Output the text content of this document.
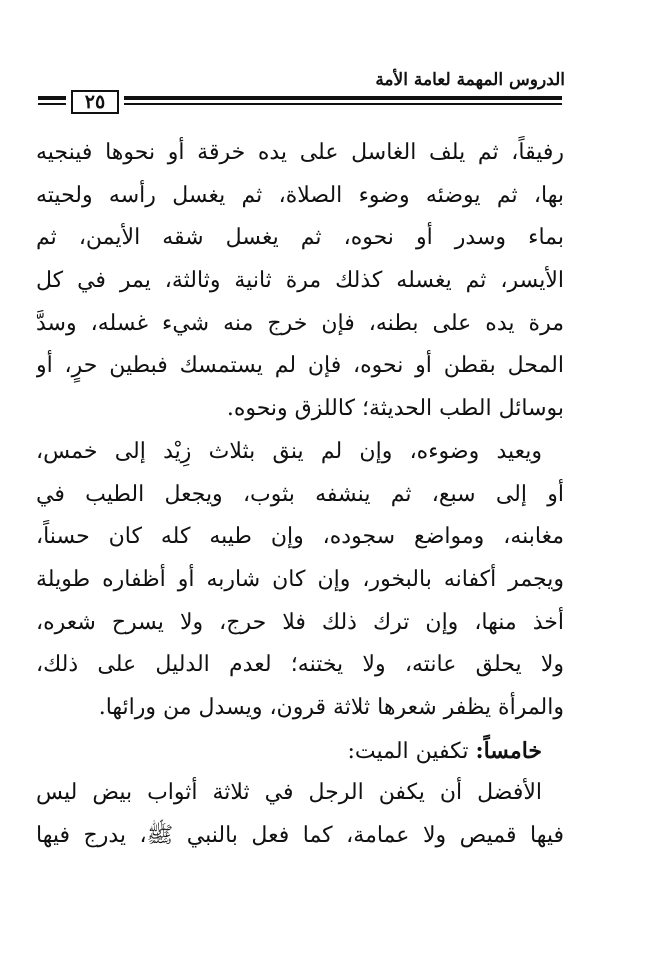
الدروس المهمة لعامة الأمة
٢٥
رفيقاً، ثم يلف الغاسل على يده خرقة أو نحوها فينجيه
بها، ثم يوضئه وضوء الصلاة، ثم يغسل رأسه ولحيته
بماء وسدر أو نحوه، ثم يغسل شقه الأيمن، ثم
الأيسر، ثم يغسله كذلك مرة ثانية وثالثة، يمر في كل
مرة يده على بطنه، فإن خرج منه شيء غسله، وسدَّ
المحل بقطن أو نحوه، فإن لم يستمسك فبطين حرٍ، أو
بوسائل الطب الحديثة؛ كاللزق ونحوه.
ويعيد وضوءه، وإن لم ينق بثلاث زِيْد إلى خمس،
أو إلى سبع، ثم ينشفه بثوب، ويجعل الطيب في
مغابنه، ومواضع سجوده، وإن طيبه كله كان حسناً،
ويجمر أكفانه بالبخور، وإن كان شاربه أو أظفاره طويلة
أخذ منها، وإن ترك ذلك فلا حرج، ولا يسرح شعره،
ولا يحلق عانته، ولا يختنه؛ لعدم الدليل على ذلك،
والمرأة يظفر شعرها ثلاثة قرون، ويسدل من ورائها.
خامساً: تكفين الميت:
الأفضل أن يكفن الرجل في ثلاثة أثواب بيض ليس
فيها قميص ولا عمامة، كما فعل بالنبي ﷺ، يدرج فيها
